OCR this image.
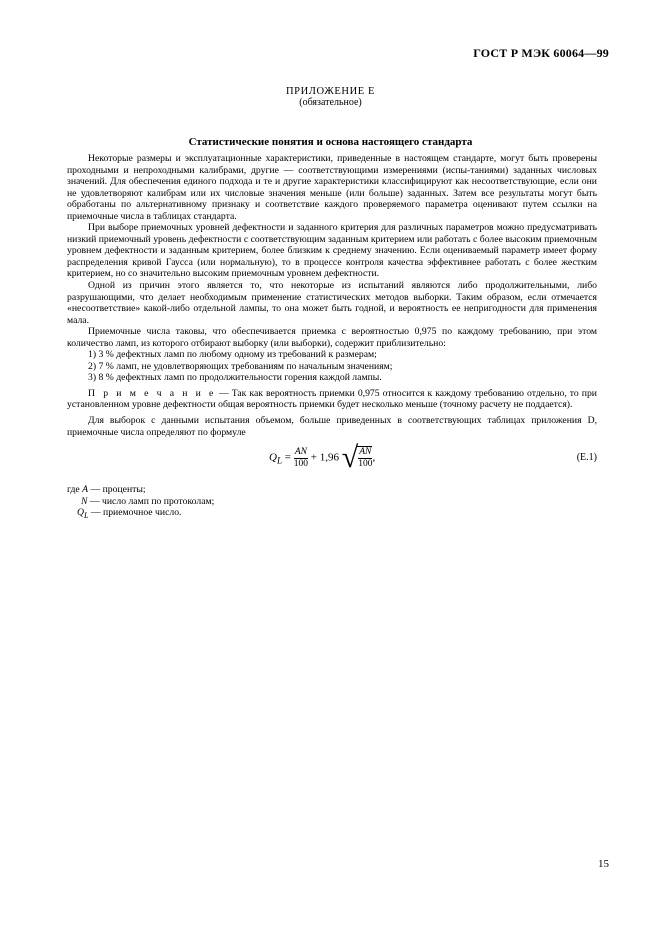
ГОСТ Р МЭК 60064—99
ПРИЛОЖЕНИЕ Е
(обязательное)
Статистические понятия и основа настоящего стандарта

Некоторые размеры и эксплуатационные характеристики, приведенные в настоящем стандарте, могут быть проверены проходными и непроходными калибрами, другие — соответствующими измерениями (испы-таниями) заданных числовых значений. Для обеспечения единого подхода и те и другие характеристики классифицируют как несоответствующие, если они не удовлетворяют калибрам или их числовые значения меньше (или больше) заданных. Затем все результаты могут быть обработаны по альтернативному признаку и соответствие каждого проверяемого параметра оценивают путем ссылки на приемочные числа в таблицах стандарта.

При выборе приемочных уровней дефектности и заданного критерия для различных параметров можно предусматривать низкий приемочный уровень дефектности с соответствующим заданным критерием или работать с более высоким приемочным уровнем дефектности и заданным критерием, более близким к среднему значению. Если оцениваемый параметр имеет форму распределения кривой Гаусса (или нормальную), то в процессе контроля качества эффективнее работать с более жестким критерием, но со значительно высоким приемочным уровнем дефектности.

Одной из причин этого является то, что некоторые из испытаний являются либо продолжительными, либо разрушающими, что делает необходимым применение статистических методов выборки. Таким образом, если отмечается «несоответствие» какой-либо отдельной лампы, то она может быть годной, и вероятность ее непригодности для применения мала.

Приемочные числа таковы, что обеспечивается приемка с вероятностью 0,975 по каждому требованию, при этом количество ламп, из которого отбирают выборку (или выборки), содержит приблизительно:

1) 3 % дефектных ламп по любому одному из требований к размерам;

2) 7 % ламп, не удовлетворяющих требованиям по начальным значениям;

3) 8 % дефектных ламп по продолжительности горения каждой лампы.

П р и м е ч а н и е — Так как вероятность приемки 0,975 относится к каждому требованию отдельно, то при установленном уровне дефектности общая вероятность приемки будет несколько меньше (точному расчету не поддается).

Для выборок с данными испытания объемом, больше приведенных в соответствующих таблицах приложения D, приемочные числа определяют по формуле

$Q_L = \frac{AN}{100} + 1,96$ √ $\frac{AN}{100}$ ,	(E.1)

где A — проценты;

N — число ламп по протоколам;

$Q_L$ — приемочное число.

15
